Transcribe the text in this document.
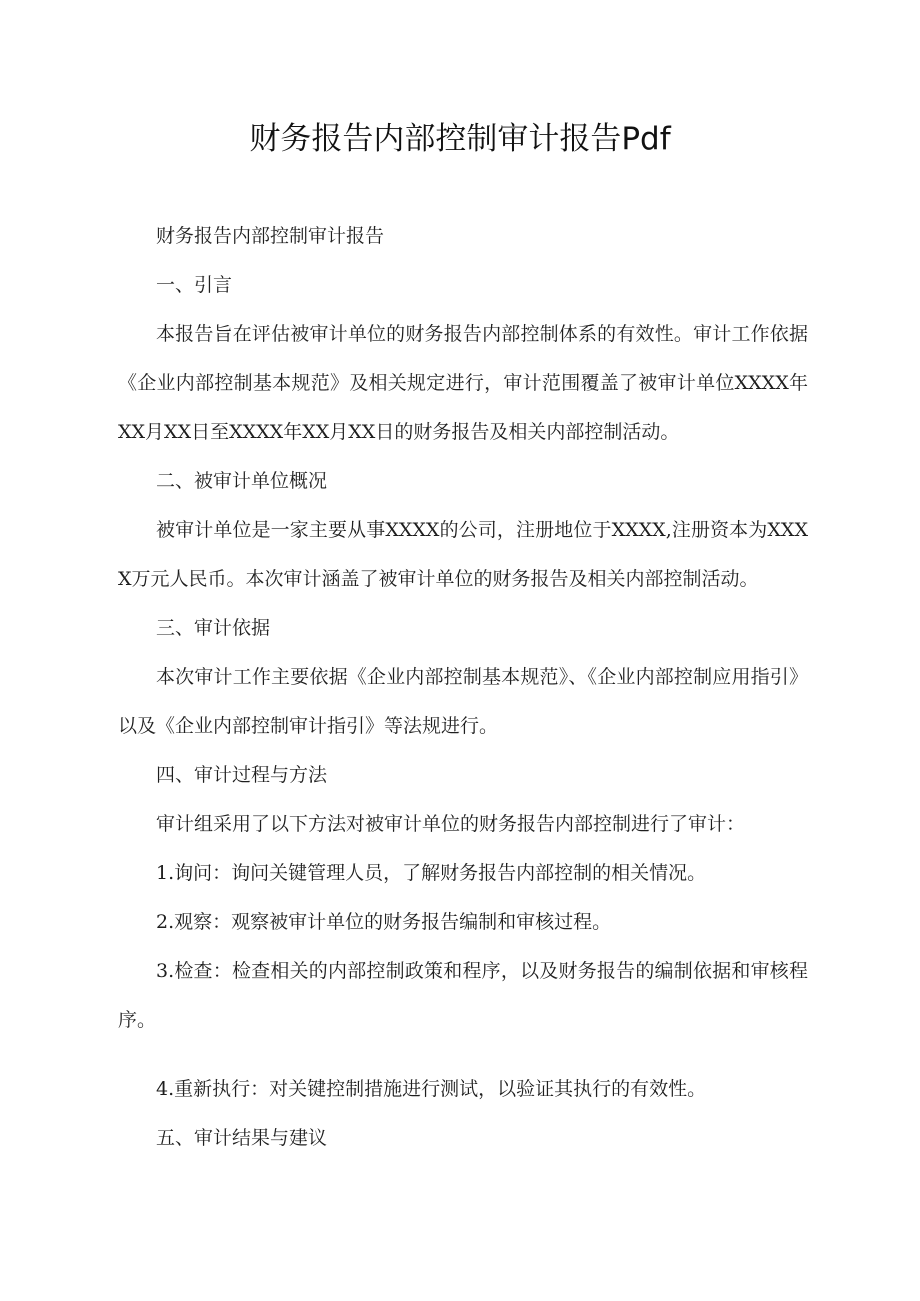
财务报告内部控制审计报告Pdf

财务报告内部控制审计报告

一、引言

本报告旨在评估被审计单位的财务报告内部控制体系的有效性。审计工作依据《企业内部控制基本规范》及相关规定进行，审计范围覆盖了被审计单位XXXX年XX月XX日至XXXX年XX月XX日的财务报告及相关内部控制活动。

二、被审计单位概况

被审计单位是一家主要从事XXXX的公司，注册地位于XXXX,注册资本为XXXX万元人民币。本次审计涵盖了被审计单位的财务报告及相关内部控制活动。

三、审计依据

本次审计工作主要依据《企业内部控制基本规范》、《企业内部控制应用指引》以及《企业内部控制审计指引》等法规进行。

四、审计过程与方法

审计组采用了以下方法对被审计单位的财务报告内部控制进行了审计：

1.询问：询问关键管理人员，了解财务报告内部控制的相关情况。

2.观察：观察被审计单位的财务报告编制和审核过程。

3.检查：检查相关的内部控制政策和程序，以及财务报告的编制依据和审核程序。

4.重新执行：对关键控制措施进行测试，以验证其执行的有效性。

五、审计结果与建议
